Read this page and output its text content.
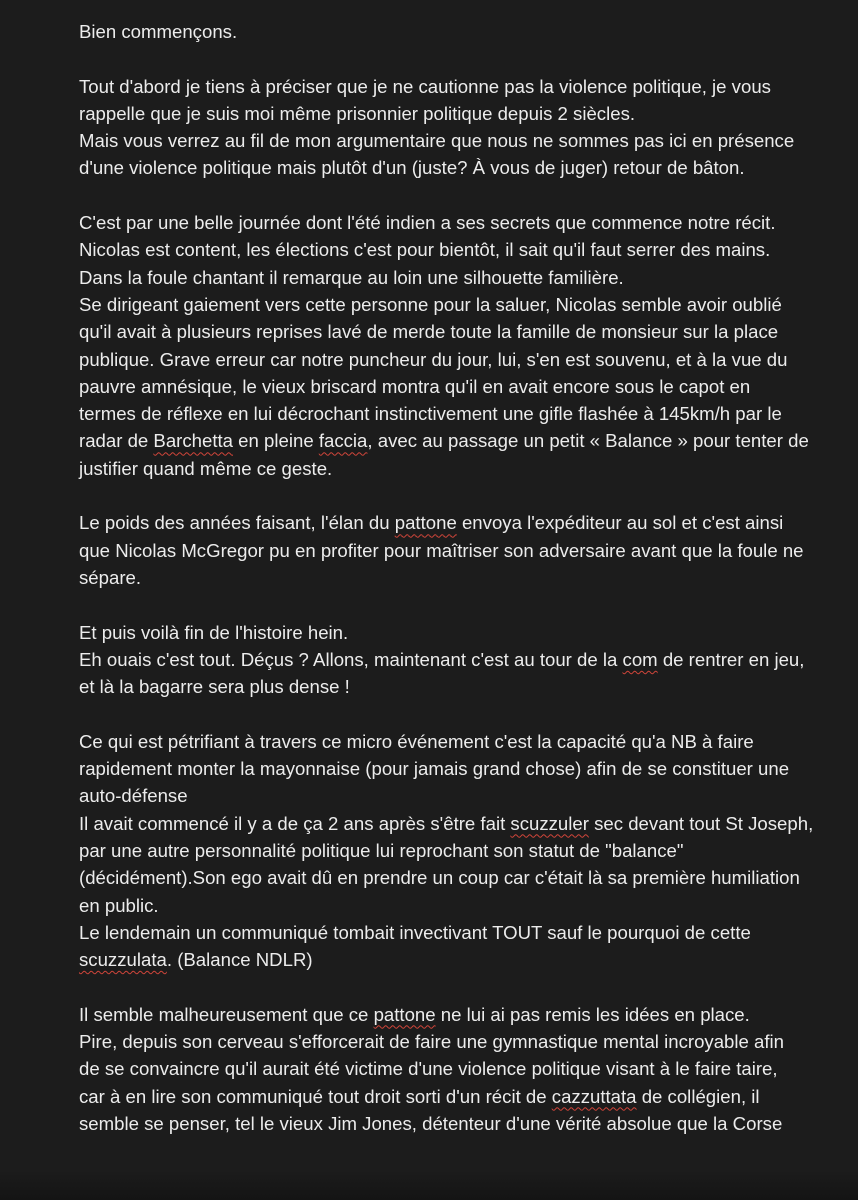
Bien commençons.
Tout d'abord je tiens à préciser que je ne cautionne pas la violence politique, je vous
rappelle que je suis moi même prisonnier politique depuis 2 siècles.
Mais vous verrez au fil de mon argumentaire que nous ne sommes pas ici en présence
d'une violence politique mais plutôt d'un (juste? À vous de juger) retour de bâton.
C'est par une belle journée dont l'été indien a ses secrets que commence notre récit.
Nicolas est content, les élections c'est pour bientôt, il sait qu'il faut serrer des mains.
Dans la foule chantant il remarque au loin une silhouette familière.
Se dirigeant gaiement vers cette personne pour la saluer, Nicolas semble avoir oublié
qu'il avait à plusieurs reprises lavé de merde toute la famille de monsieur sur la place
publique. Grave erreur car notre puncheur du jour, lui, s'en est souvenu, et à la vue du
pauvre amnésique, le vieux briscard montra qu'il en avait encore sous le capot en
termes de réflexe en lui décrochant instinctivement une gifle flashée à 145km/h par le
radar de Barchetta en pleine faccia, avec au passage un petit « Balance » pour tenter de
justifier quand même ce geste.
Le poids des années faisant, l'élan du pattone envoya l'expéditeur au sol et c'est ainsi
que Nicolas McGregor pu en profiter pour maîtriser son adversaire avant que la foule ne
sépare.
Et puis voilà fin de l'histoire hein.
Eh ouais c'est tout. Déçus ? Allons, maintenant c'est au tour de la com de rentrer en jeu,
et là la bagarre sera plus dense !
Ce qui est pétrifiant à travers ce micro événement c'est la capacité qu'a NB à faire
rapidement monter la mayonnaise (pour jamais grand chose) afin de se constituer une
auto-défense
Il avait commencé il y a de ça 2 ans après s'être fait scuzzuler sec devant tout St Joseph,
par une autre personnalité politique lui reprochant son statut de "balance"
(décidément).Son ego avait dû en prendre un coup car c'était là sa première humiliation
en public.
Le lendemain un communiqué tombait invectivant TOUT sauf le pourquoi de cette
scuzzulata. (Balance NDLR)
Il semble malheureusement que ce pattone ne lui ai pas remis les idées en place.
Pire, depuis son cerveau s'efforcerait de faire une gymnastique mental incroyable afin
de se convaincre qu'il aurait été victime d'une violence politique visant à le faire taire,
car à en lire son communiqué tout droit sorti d'un récit de cazzuttata de collégien, il
semble se penser, tel le vieux Jim Jones, détenteur d'une vérité absolue que la Corse
